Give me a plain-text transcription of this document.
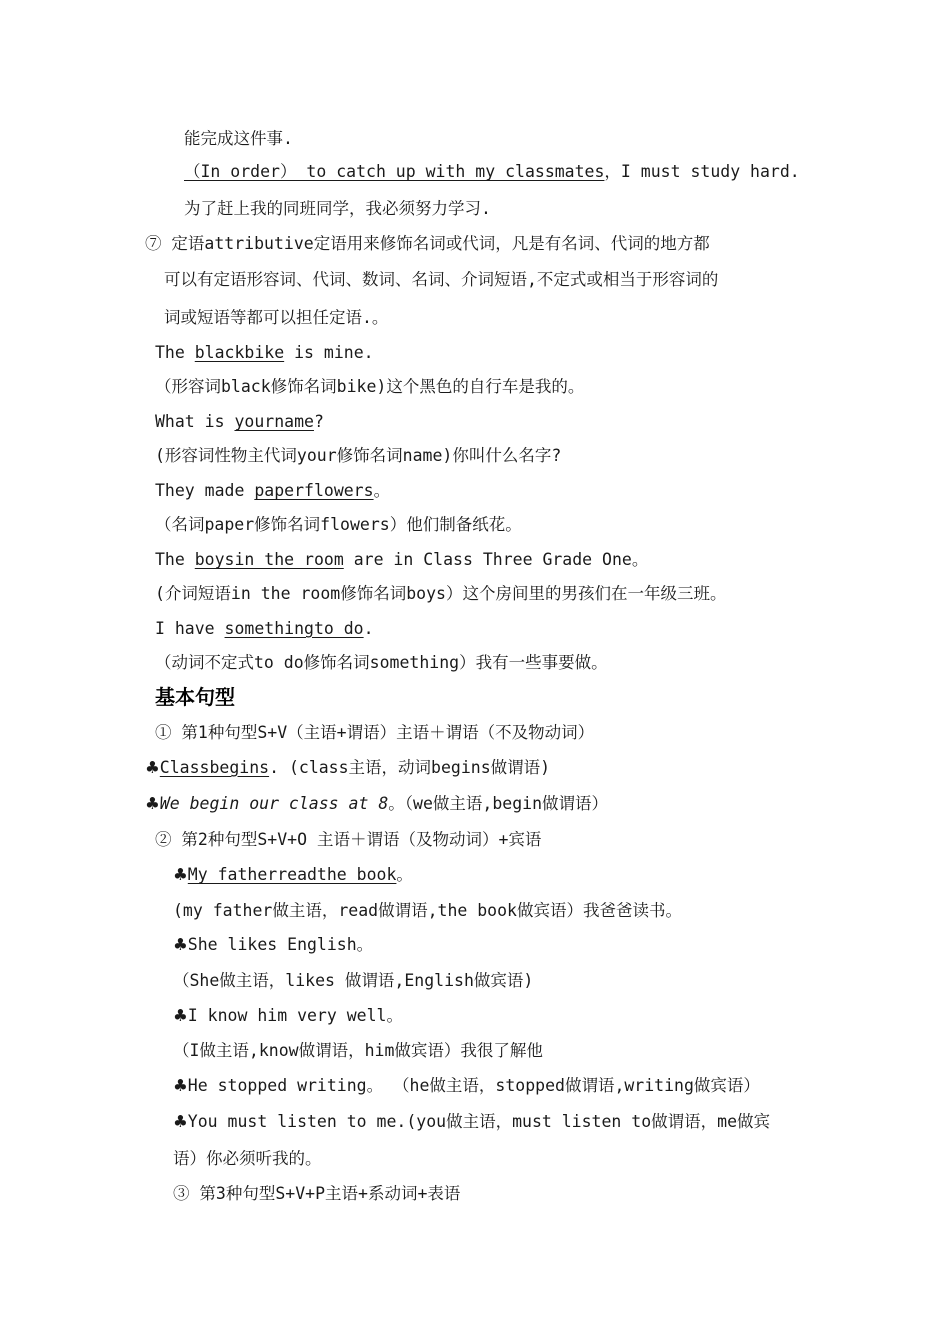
能完成这件事.
（In order） to catch up with my classmates，I must study hard.
为了赶上我的同班同学，我必须努力学习.
⑦ 定语attributive定语用来修饰名词或代词，凡是有名词、代词的地方都
可以有定语形容词、代词、数词、名词、介词短语,不定式或相当于形容词的
词或短语等都可以担任定语.。
The blackbike is mine.
（形容词black修饰名词bike)这个黑色的自行车是我的。
What is yourname?
(形容词性物主代词your修饰名词name)你叫什么名字?
They made paperflowers。
（名词paper修饰名词flowers）他们制备纸花。
The boysin the room are in Class Three Grade One。
(介词短语in the room修饰名词boys）这个房间里的男孩们在一年级三班。
I have somethingto do.
（动词不定式to do修饰名词something）我有一些事要做。
基本句型
① 第1种句型S+V（主语+谓语）主语＋谓语（不及物动词）
♣Classbegins. (class主语，动词begins做谓语)
♣We begin our class at 8。（we做主语,begin做谓语）
② 第2种句型S+V+O 主语＋谓语（及物动词）+宾语
♣My fatherreadthe book。
(my father做主语，read做谓语,the book做宾语）我爸爸读书。
♣She likes English。
（She做主语，likes 做谓语,English做宾语)
♣I know him very well。
（I做主语,know做谓语，him做宾语）我很了解他
♣He stopped writing。 （he做主语，stopped做谓语,writing做宾语）
♣You must listen to me.(you做主语，must listen to做谓语，me做宾
语）你必须听我的。
③ 第3种句型S+V+P主语+系动词+表语
